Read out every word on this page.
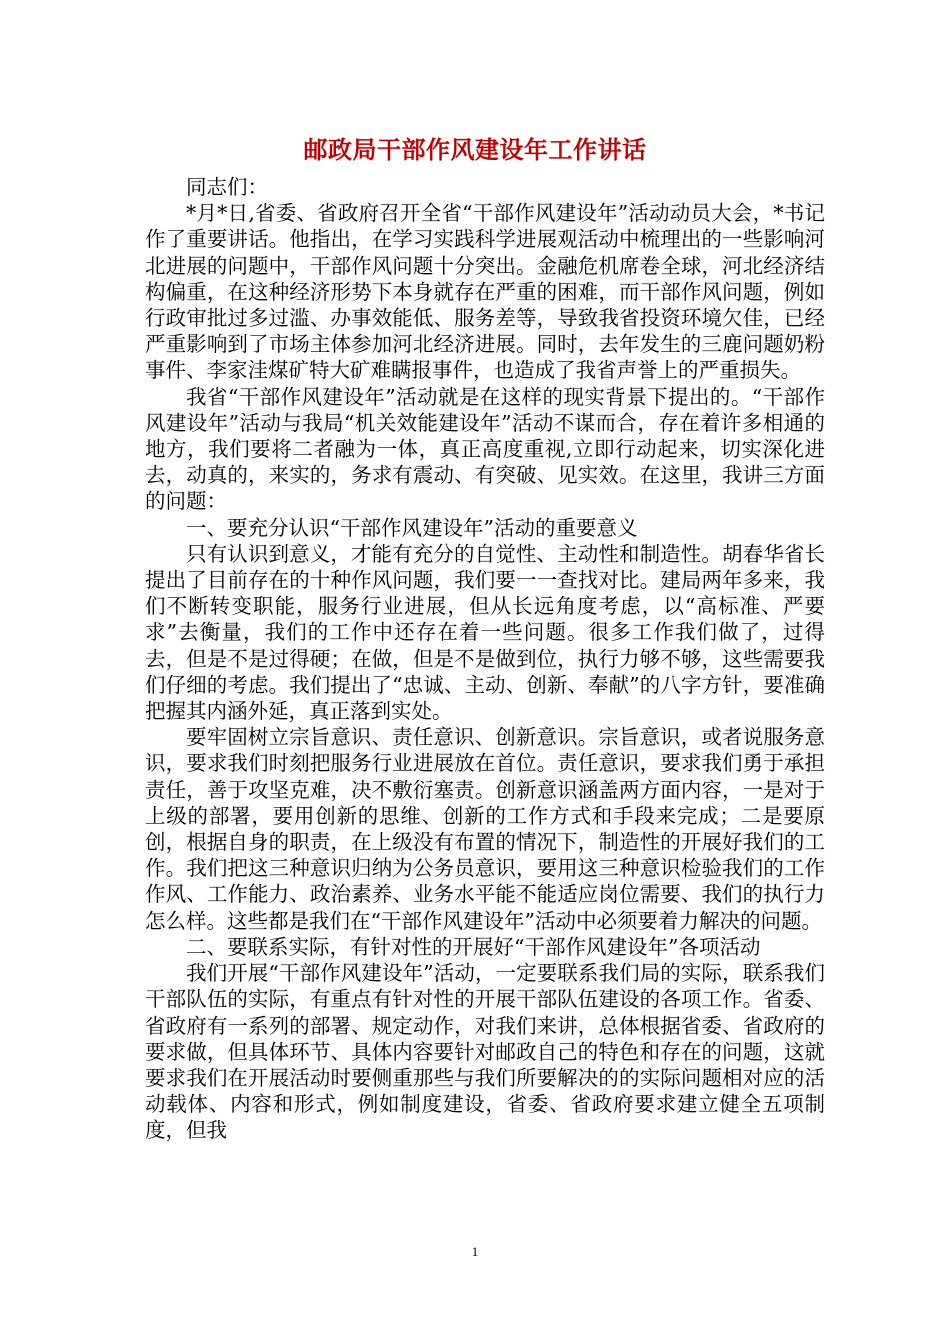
邮政局干部作风建设年工作讲话

同志们：

*月*日,省委、省政府召开全省“干部作风建设年”活动动员大会，*书记作了重要讲话。他指出，在学习实践科学进展观活动中梳理出的一些影响河北进展的问题中，干部作风问题十分突出。金融危机席卷全球，河北经济结构偏重，在这种经济形势下本身就存在严重的困难，而干部作风问题，例如行政审批过多过滥、办事效能低、服务差等，导致我省投资环境欠佳，已经严重影响到了市场主体参加河北经济进展。同时，去年发生的三鹿问题奶粉事件、李家洼煤矿特大矿难瞒报事件，也造成了我省声誉上的严重损失。

我省“干部作风建设年”活动就是在这样的现实背景下提出的。“干部作风建设年”活动与我局“机关效能建设年”活动不谋而合，存在着许多相通的地方，我们要将二者融为一体，真正高度重视,立即行动起来，切实深化进去，动真的，来实的，务求有震动、有突破、见实效。在这里，我讲三方面的问题：

一、要充分认识“干部作风建设年”活动的重要意义

只有认识到意义，才能有充分的自觉性、主动性和制造性。胡春华省长提出了目前存在的十种作风问题，我们要一一查找对比。建局两年多来，我们不断转变职能，服务行业进展，但从长远角度考虑，以“高标准、严要求”去衡量，我们的工作中还存在着一些问题。很多工作我们做了，过得去，但是不是过得硬；在做，但是不是做到位，执行力够不够，这些需要我们仔细的考虑。我们提出了“忠诚、主动、创新、奉献”的八字方针，要准确把握其内涵外延，真正落到实处。

要牢固树立宗旨意识、责任意识、创新意识。宗旨意识，或者说服务意识，要求我们时刻把服务行业进展放在首位。责任意识，要求我们勇于承担责任，善于攻坚克难，决不敷衍塞责。创新意识涵盖两方面内容，一是对于上级的部署，要用创新的思维、创新的工作方式和手段来完成；二是要原创，根据自身的职责，在上级没有布置的情况下，制造性的开展好我们的工作。我们把这三种意识归纳为公务员意识，要用这三种意识检验我们的工作作风、工作能力、政治素养、业务水平能不能适应岗位需要、我们的执行力怎么样。这些都是我们在“干部作风建设年”活动中必须要着力解决的问题。

二、要联系实际，有针对性的开展好“干部作风建设年”各项活动

我们开展“干部作风建设年”活动，一定要联系我们局的实际，联系我们干部队伍的实际，有重点有针对性的开展干部队伍建设的各项工作。省委、省政府有一系列的部署、规定动作，对我们来讲，总体根据省委、省政府的要求做，但具体环节、具体内容要针对邮政自己的特色和存在的问题，这就要求我们在开展活动时要侧重那些与我们所要解决的的实际问题相对应的活动载体、内容和形式，例如制度建设，省委、省政府要求建立健全五项制度，但我

1
